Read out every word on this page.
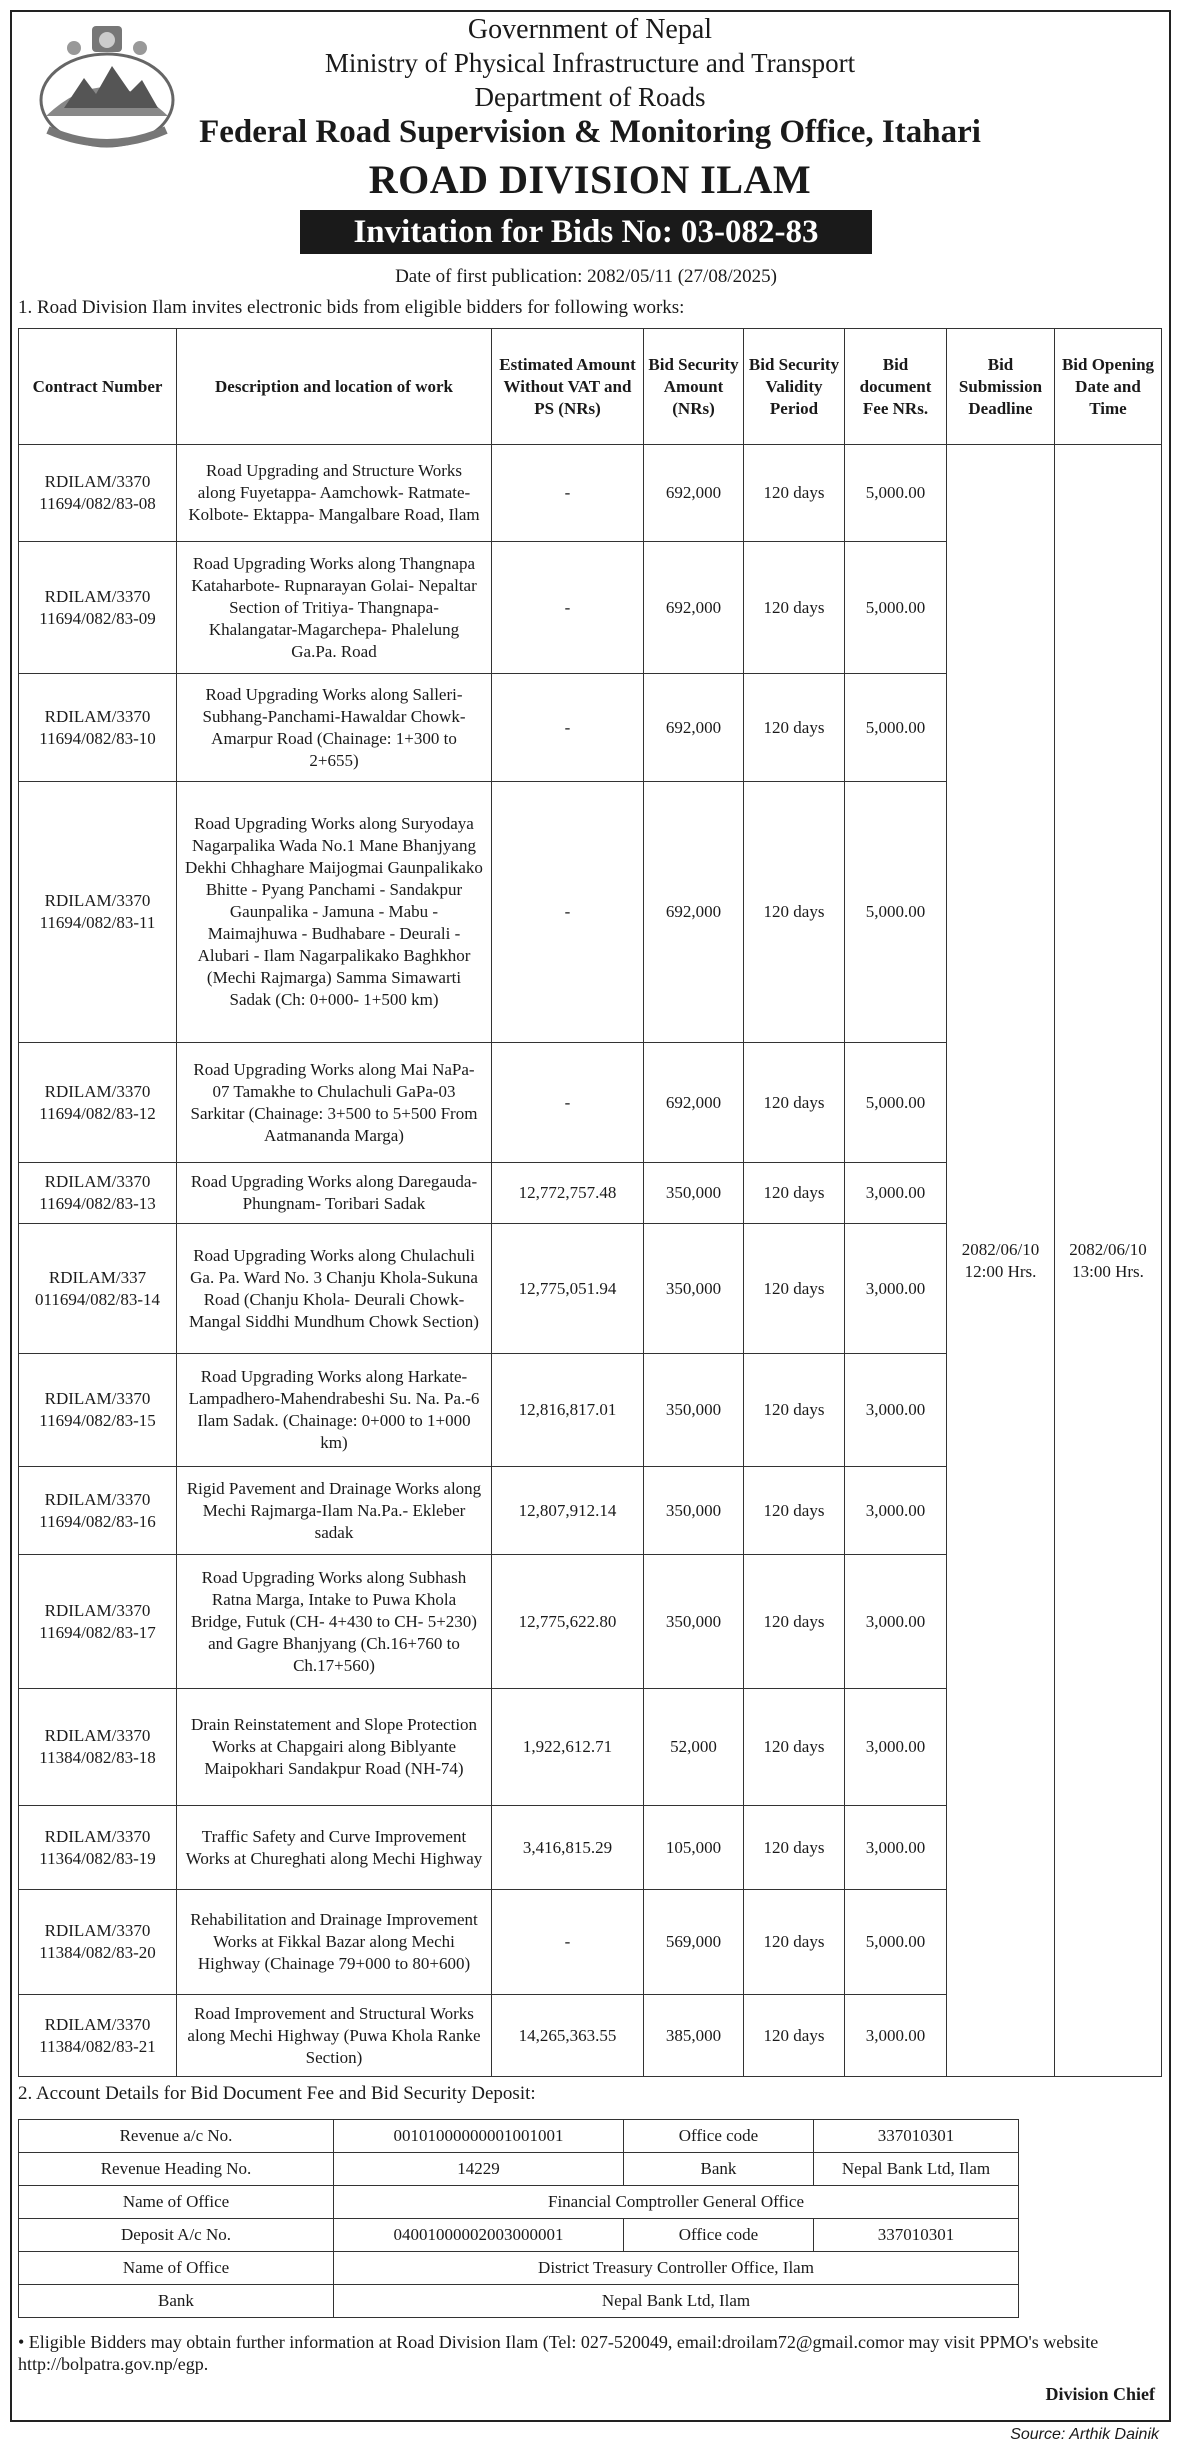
Government of Nepal
Ministry of Physical Infrastructure and Transport
Department of Roads
Federal Road Supervision & Monitoring Office, Itahari
ROAD DIVISION ILAM
Invitation for Bids No: 03-082-83
Date of first publication: 2082/05/11 (27/08/2025)
1. Road Division Ilam invites electronic bids from eligible bidders for following works:
Contract Number	Description and location of work	Estimated Amount Without VAT and PS (NRs)	Bid Security Amount (NRs)	Bid Security Validity Period	Bid document Fee NRs.	Bid Submission Deadline	Bid Opening Date and Time
RDILAM/3370 11694/082/83-08	Road Upgrading and Structure Works along Fuyetappa- Aamchowk- Ratmate- Kolbote- Ektappa- Mangalbare Road, Ilam	-	692,000	120 days	5,000.00	2082/06/10 12:00 Hrs.	2082/06/10 13:00 Hrs.
RDILAM/3370 11694/082/83-09	Road Upgrading Works along Thangnapa Kataharbote- Rupnarayan Golai- Nepaltar Section of Tritiya- Thangnapa- Khalangatar-Magarchepa- Phalelung Ga.Pa. Road	-	692,000	120 days	5,000.00		
RDILAM/3370 11694/082/83-10	Road Upgrading Works along Salleri- Subhang-Panchami-Hawaldar Chowk- Amarpur Road (Chainage: 1+300 to 2+655)	-	692,000	120 days	5,000.00		
RDILAM/3370 11694/082/83-11	Road Upgrading Works along Suryodaya Nagarpalika Wada No.1 Mane Bhanjyang Dekhi Chhaghare Maijogmai Gaunpalikako Bhitte - Pyang Panchami - Sandakpur Gaunpalika - Jamuna - Mabu - Maimajhuwa - Budhabare - Deurali - Alubari - Ilam Nagarpalikako Baghkhor (Mechi Rajmarga) Samma Simawarti Sadak (Ch: 0+000- 1+500 km)	-	692,000	120 days	5,000.00		
RDILAM/3370 11694/082/83-12	Road Upgrading Works along Mai NaPa-07 Tamakhe to Chulachuli GaPa-03 Sarkitar (Chainage: 3+500 to 5+500 From Aatmananda Marga)	-	692,000	120 days	5,000.00		
RDILAM/3370 11694/082/83-13	Road Upgrading Works along Daregauda- Phungnam- Toribari Sadak	12,772,757.48	350,000	120 days	3,000.00		
RDILAM/337 011694/082/83-14	Road Upgrading Works along Chulachuli Ga. Pa. Ward No. 3 Chanju Khola-Sukuna Road (Chanju Khola- Deurali Chowk- Mangal Siddhi Mundhum Chowk Section)	12,775,051.94	350,000	120 days	3,000.00		
RDILAM/3370 11694/082/83-15	Road Upgrading Works along Harkate- Lampadhero-Mahendrabeshi Su. Na. Pa.-6 Ilam Sadak. (Chainage: 0+000 to 1+000 km)	12,816,817.01	350,000	120 days	3,000.00		
RDILAM/3370 11694/082/83-16	Rigid Pavement and Drainage Works along Mechi Rajmarga-Ilam Na.Pa.- Ekleber sadak	12,807,912.14	350,000	120 days	3,000.00		
RDILAM/3370 11694/082/83-17	Road Upgrading Works along Subhash Ratna Marga, Intake to Puwa Khola Bridge, Futuk (CH- 4+430 to CH- 5+230) and Gagre Bhanjyang (Ch.16+760 to Ch.17+560)	12,775,622.80	350,000	120 days	3,000.00		
RDILAM/3370 11384/082/83-18	Drain Reinstatement and Slope Protection Works at Chapgairi along Biblyante Maipokhari Sandakpur Road (NH-74)	1,922,612.71	52,000	120 days	3,000.00		
RDILAM/3370 11364/082/83-19	Traffic Safety and Curve Improvement Works at Chureghati along Mechi Highway	3,416,815.29	105,000	120 days	3,000.00		
RDILAM/3370 11384/082/83-20	Rehabilitation and Drainage Improvement Works at Fikkal Bazar along Mechi Highway (Chainage 79+000 to 80+600)	-	569,000	120 days	5,000.00		
RDILAM/3370 11384/082/83-21	Road Improvement and Structural Works along Mechi Highway (Puwa Khola Ranke Section)	14,265,363.55	385,000	120 days	3,000.00		
2. Account Details for Bid Document Fee and Bid Security Deposit:
Revenue a/c No.	00101000000001001001	Office code	337010301
Revenue Heading No.	14229	Bank	Nepal Bank Ltd, Ilam
Name of Office	Financial Comptroller General Office		
Deposit A/c No.	04001000002003000001	Office code	337010301
Name of Office	District Treasury Controller Office, Ilam		
Bank	Nepal Bank Ltd, Ilam		
• Eligible Bidders may obtain further information at Road Division Ilam (Tel: 027-520049, email:droilam72@gmail.comor may visit PPMO's website http://bolpatra.gov.np/egp.
Division Chief
Source: Arthik Dainik
